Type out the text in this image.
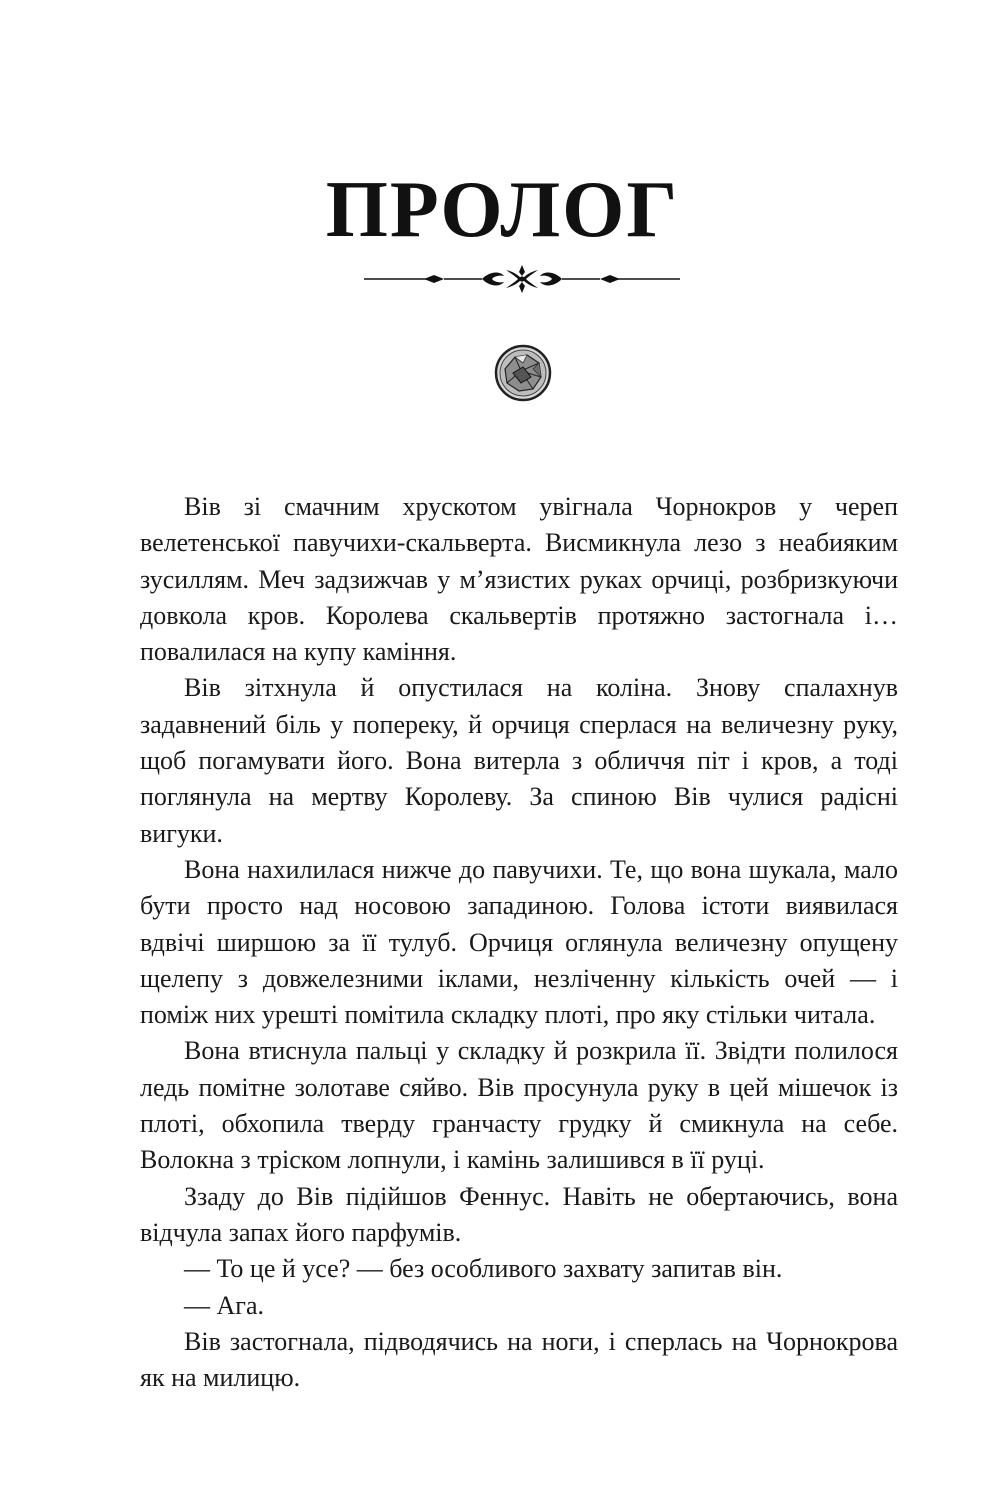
ПРОЛОГ

Вів зі смачним хрускотом увігнала Чорнокров у череп велетенської павучихи-скальверта. Висмикнула лезо з неабияким зусиллям. Меч задзижчав у м’язистих руках орчиці, розбризкуючи довкола кров. Королева скальвертів протяжно застогнала і… повалилася на купу каміння.

Вів зітхнула й опустилася на коліна. Знову спалахнув задавнений біль у попереку, й орчиця сперлася на величезну руку, щоб погамувати його. Вона витерла з обличчя піт і кров, а тоді поглянула на мертву Королеву. За спиною Вів чулися радісні вигуки.

Вона нахилилася нижче до павучихи. Те, що вона шукала, мало бути просто над носовою западиною. Голова істоти виявилася вдвічі ширшою за її тулуб. Орчиця оглянула величезну опущену щелепу з довжелезними іклами, незліченну кількість очей — і поміж них урешті помітила складку плоті, про яку стільки читала.

Вона втиснула пальці у складку й розкрила її. Звідти полилося ледь помітне золотаве сяйво. Вів просунула руку в цей мішечок із плоті, обхопила тверду гранчасту грудку й смикнула на себе. Волокна з тріском лопнули, і камінь залишився в її руці.

Ззаду до Вів підійшов Феннус. Навіть не обертаючись, вона відчула запах його парфумів.

— То це й усе? — без особливого захвату запитав він.

— Ага.

Вів застогнала, підводячись на ноги, і сперлась на Чорнокрова як на милицю.
